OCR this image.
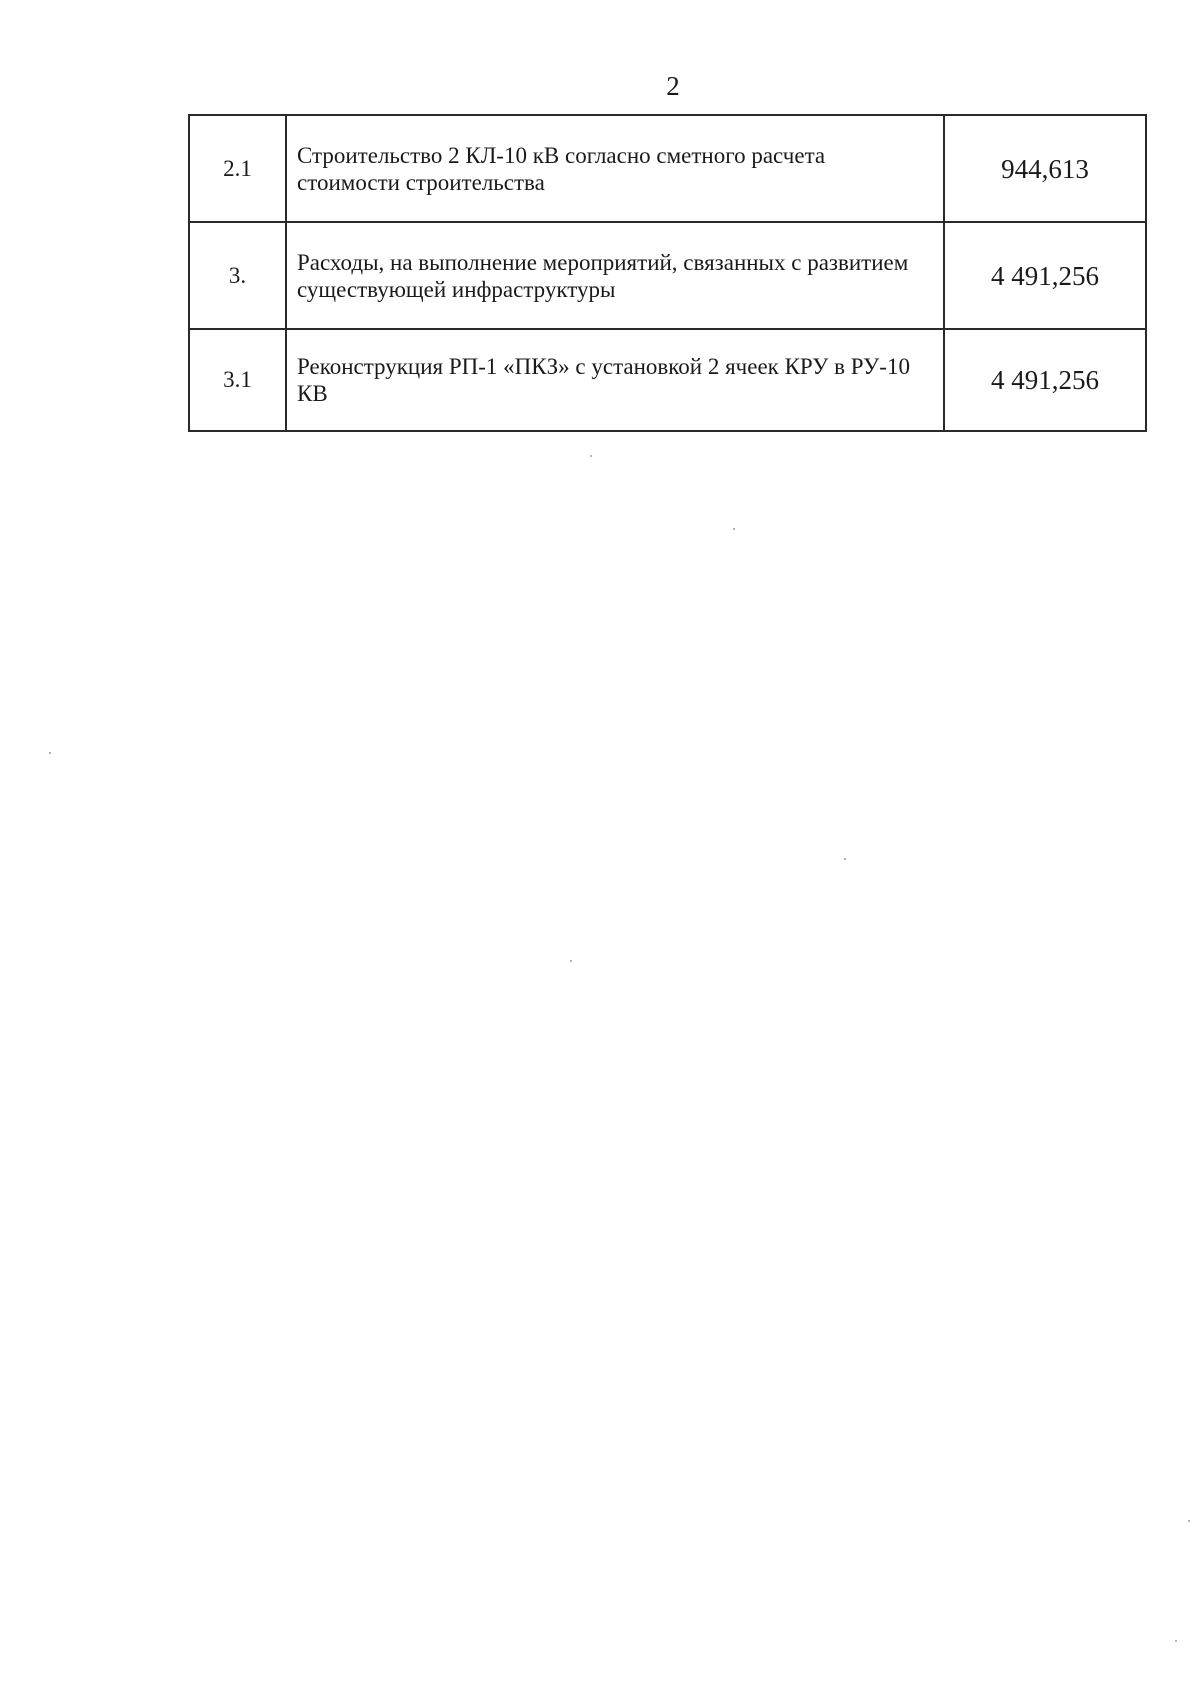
2
2.1	Строительство 2 КЛ-10 кВ согласно сметного расчета стоимости строительства	944,613
3.	Расходы, на выполнение мероприятий, связанных с развитием существующей инфраструктуры	4 491,256
3.1	Реконструкция РП-1 «ПКЗ» с установкой 2 ячеек КРУ в РУ-10 КВ	4 491,256
